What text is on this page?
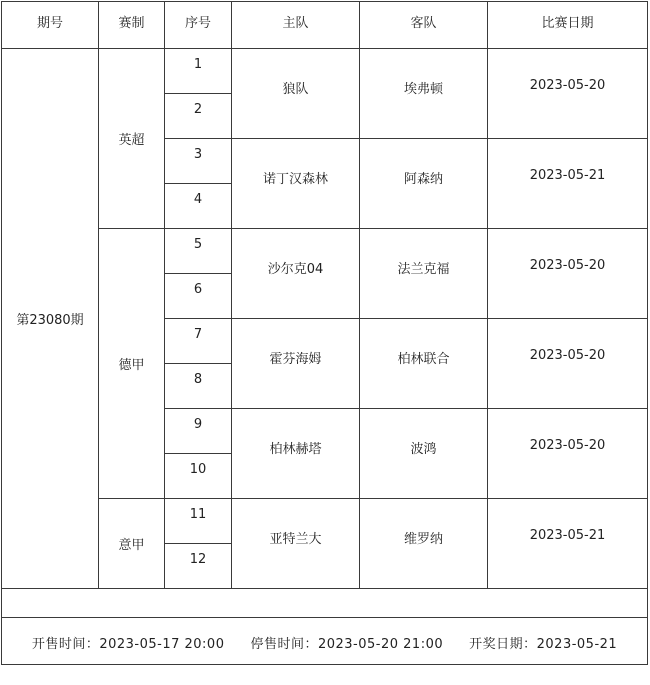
期号	赛制	序号	主队	客队	比赛日期
第23080期	英超	1	狼队	埃弗顿	2023-05-20
		2			
		3	诺丁汉森林	阿森纳	2023-05-21
		4			
	德甲	5	沙尔克04	法兰克福	2023-05-20
		6			
		7	霍芬海姆	柏林联合	2023-05-20
		8			
		9	柏林赫塔	波鸿	2023-05-20
		10			
	意甲	11	亚特兰大	维罗纳	2023-05-21
		12			

开售时间：2023-05-17 20:00 停售时间：2023-05-20 21:00 开奖日期：2023-05-21					
